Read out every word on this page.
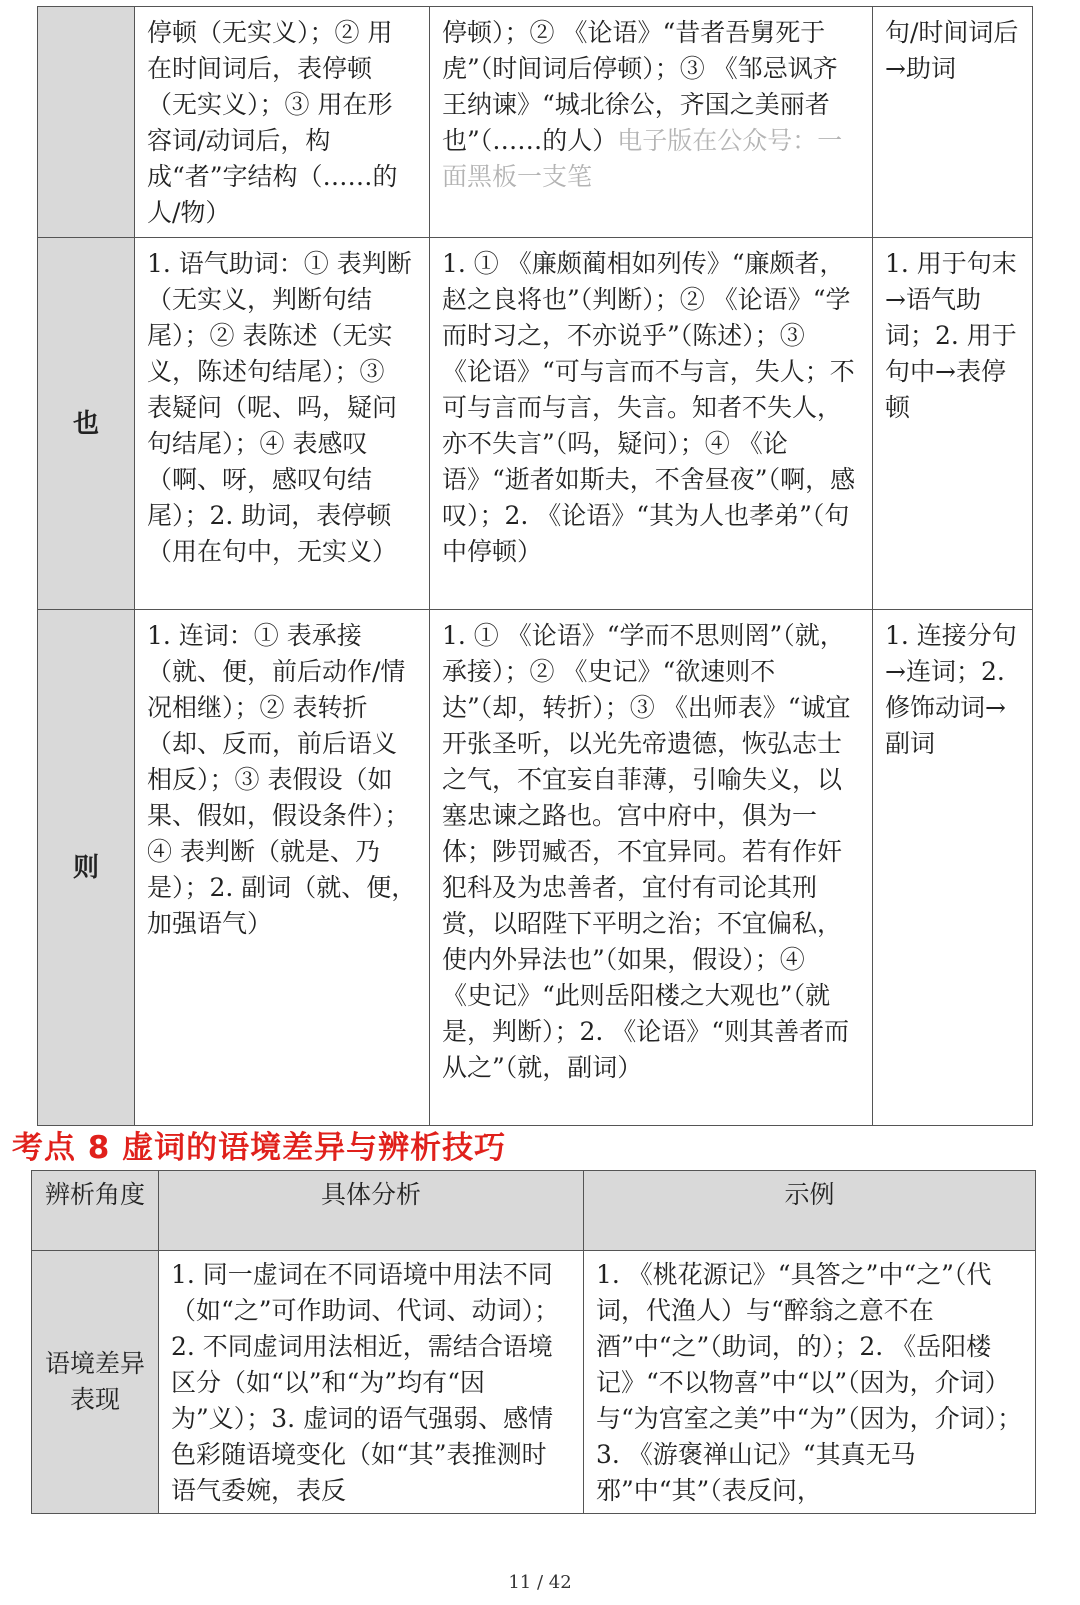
	停顿（无实义）；② 用在时间词后，表停顿（无实义）；③ 用在形容词/动词后，构成“者”字结构（……的人/物）	停顿）；② 《论语》“昔者吾舅死于虎”（时间词后停顿）；③ 《邹忌讽齐王纳谏》“城北徐公，齐国之美丽者也”（……的人）电子版在公众号：一面黑板一支笔	句/时间词后→助词
也	1. 语气助词：① 表判断（无实义，判断句结尾）；② 表陈述（无实义，陈述句结尾）；③ 表疑问（呢、吗，疑问句结尾）；④ 表感叹（啊、呀，感叹句结尾）；2. 助词，表停顿（用在句中，无实义）	1. ① 《廉颇蔺相如列传》“廉颇者，赵之良将也”（判断）；② 《论语》“学而时习之，不亦说乎”（陈述）；③ 《论语》“可与言而不与言，失人；不可与言而与言，失言。知者不失人，亦不失言”（吗，疑问）；④ 《论语》“逝者如斯夫，不舍昼夜”（啊，感叹）；2. 《论语》“其为人也孝弟”（句中停顿）	1. 用于句末→语气助词；2. 用于句中→表停顿
则	1. 连词：① 表承接（就、便，前后动作/情况相继）；② 表转折（却、反而，前后语义相反）；③ 表假设（如果、假如，假设条件）；④ 表判断（就是、乃是）；2. 副词（就、便，加强语气）	1. ① 《论语》“学而不思则罔”（就，承接）；② 《史记》“欲速则不达”（却，转折）；③ 《出师表》“诚宜开张圣听，以光先帝遗德，恢弘志士之气，不宜妄自菲薄，引喻失义，以塞忠谏之路也。宫中府中，俱为一体；陟罚臧否，不宜异同。若有作奸犯科及为忠善者，宜付有司论其刑赏，以昭陛下平明之治；不宜偏私，使内外异法也”（如果，假设）；④ 《史记》“此则岳阳楼之大观也”（就是，判断）；2. 《论语》“则其善者而从之”（就，副词）	1. 连接分句→连词；2. 修饰动词→副词
考点 8 虚词的语境差异与辨析技巧
辨析角度	具体分析	示例
语境差异表现	1. 同一虚词在不同语境中用法不同（如“之”可作助词、代词、动词）；2. 不同虚词用法相近，需结合语境区分（如“以”和“为”均有“因为”义）；3. 虚词的语气强弱、感情色彩随语境变化（如“其”表推测时语气委婉，表反	1. 《桃花源记》“具答之”中“之”（代词，代渔人）与“醉翁之意不在酒”中“之”（助词，的）；2. 《岳阳楼记》“不以物喜”中“以”（因为，介词）与“为宫室之美”中“为”（因为，介词）；3. 《游褒禅山记》“其真无马邪”中“其”（表反问，
11 / 42
